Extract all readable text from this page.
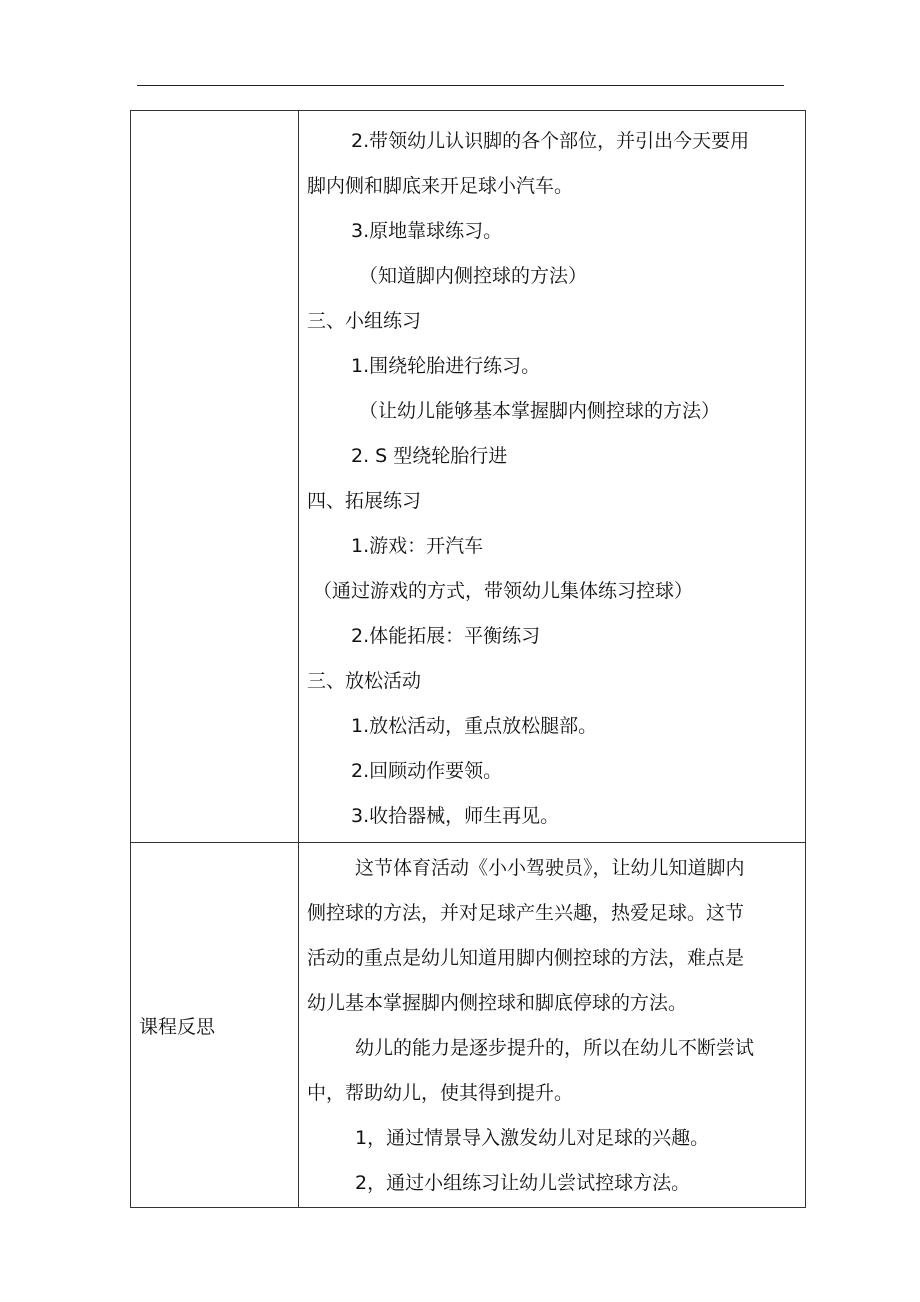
2.带领幼儿认识脚的各个部位，并引出今天要用
脚内侧和脚底来开足球小汽车。
3.原地靠球练习。
（知道脚内侧控球的方法）
三、小组练习
1.围绕轮胎进行练习。
（让幼儿能够基本掌握脚内侧控球的方法）
2. S 型绕轮胎行进
四、拓展练习
1.游戏：开汽车
（通过游戏的方式，带领幼儿集体练习控球）
2.体能拓展：平衡练习
三、放松活动
1.放松活动，重点放松腿部。
2.回顾动作要领。
3.收拾器械，师生再见。
课程反思
这节体育活动《小小驾驶员》，让幼儿知道脚内
侧控球的方法，并对足球产生兴趣，热爱足球。这节
活动的重点是幼儿知道用脚内侧控球的方法，难点是
幼儿基本掌握脚内侧控球和脚底停球的方法。
幼儿的能力是逐步提升的，所以在幼儿不断尝试
中，帮助幼儿，使其得到提升。
1，通过情景导入激发幼儿对足球的兴趣。
2，通过小组练习让幼儿尝试控球方法。
